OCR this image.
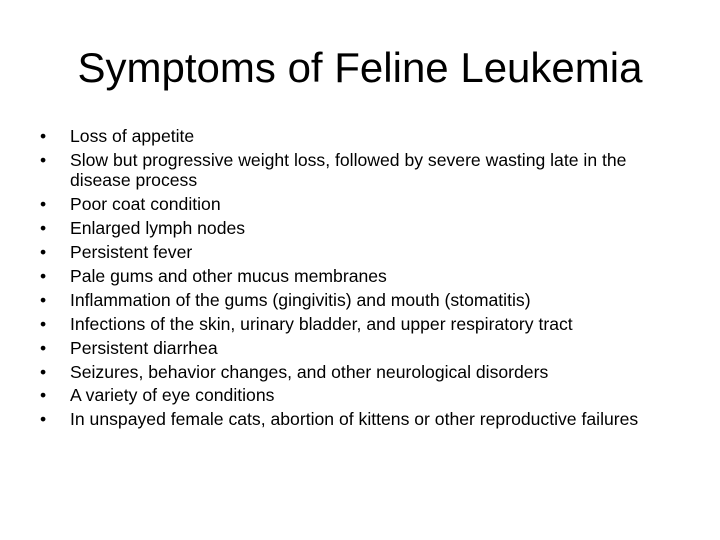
Symptoms of Feline Leukemia
• Loss of appetite
• Slow but progressive weight loss, followed by severe wasting late in the disease process
• Poor coat condition
• Enlarged lymph nodes
• Persistent fever
• Pale gums and other mucus membranes
• Inflammation of the gums (gingivitis) and mouth (stomatitis)
• Infections of the skin, urinary bladder, and upper respiratory tract
• Persistent diarrhea
• Seizures, behavior changes, and other neurological disorders
• A variety of eye conditions
• In unspayed female cats, abortion of kittens or other reproductive failures
